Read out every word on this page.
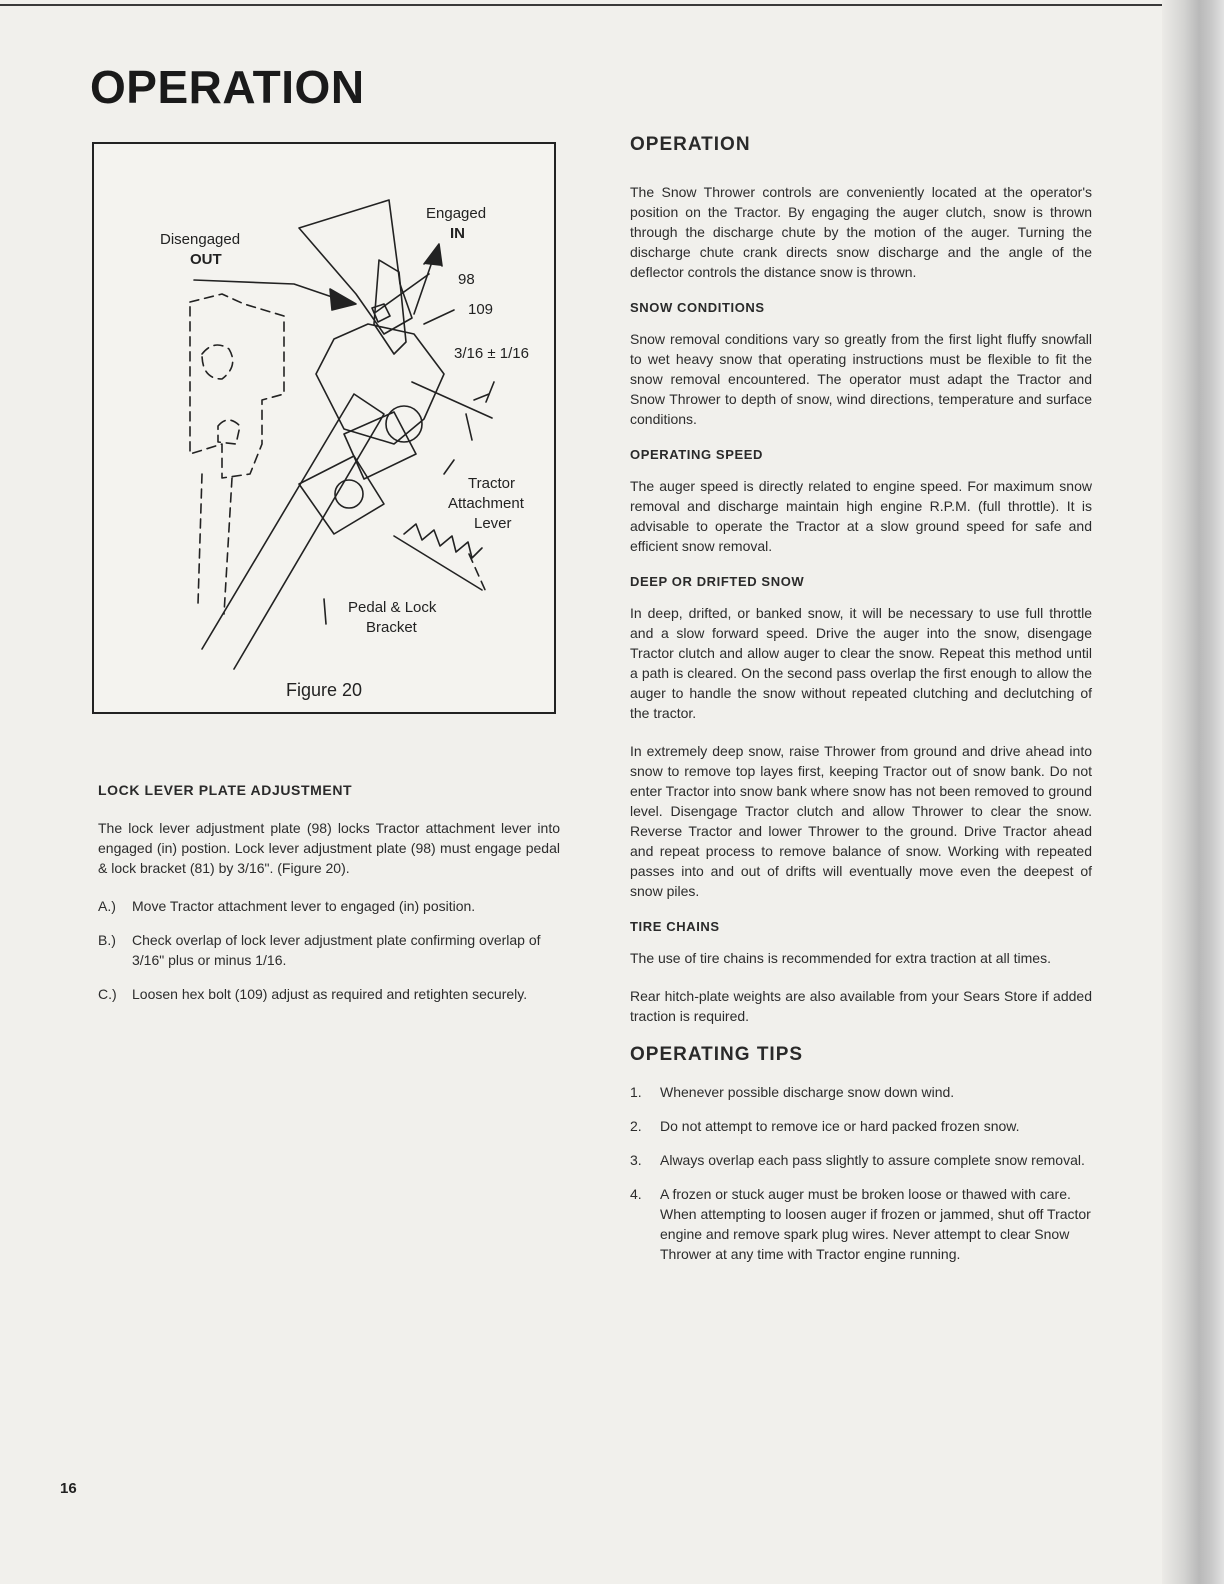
OPERATION
Engaged
IN
Disengaged
OUT
98
109
3/16 ± 1/16
Tractor
Attachment
Lever
Pedal & Lock
Bracket
Figure 20
LOCK LEVER PLATE ADJUSTMENT

The lock lever adjustment plate (98) locks Tractor attachment lever into engaged (in) postion. Lock lever adjustment plate (98) must engage pedal & lock bracket (81) by 3/16". (Figure 20).

A.)	Move Tractor attachment lever to engaged (in) position.
B.)	Check overlap of lock lever adjustment plate confirming overlap of 3/16" plus or minus 1/16.
C.)	Loosen hex bolt (109) adjust as required and retighten securely.
OPERATION

The Snow Thrower controls are conveniently located at the operator's position on the Tractor. By engaging the auger clutch, snow is thrown through the discharge chute by the motion of the auger. Turning the discharge chute crank directs snow discharge and the angle of the deflector controls the distance snow is thrown.

SNOW CONDITIONS

Snow removal conditions vary so greatly from the first light fluffy snowfall to wet heavy snow that operating instructions must be flexible to fit the snow removal encountered. The operator must adapt the Tractor and Snow Thrower to depth of snow, wind directions, temperature and surface conditions.

OPERATING SPEED

The auger speed is directly related to engine speed. For maximum snow removal and discharge maintain high engine R.P.M. (full throttle). It is advisable to operate the Tractor at a slow ground speed for safe and efficient snow removal.

DEEP OR DRIFTED SNOW

In deep, drifted, or banked snow, it will be necessary to use full throttle and a slow forward speed. Drive the auger into the snow, disengage Tractor clutch and allow auger to clear the snow. Repeat this method until a path is cleared. On the second pass overlap the first enough to allow the auger to handle the snow without repeated clutching and declutching of the tractor.

In extremely deep snow, raise Thrower from ground and drive ahead into snow to remove top layes first, keeping Tractor out of snow bank. Do not enter Tractor into snow bank where snow has not been removed to ground level. Disengage Tractor clutch and allow Thrower to clear the snow. Reverse Tractor and lower Thrower to the ground. Drive Tractor ahead and repeat process to remove balance of snow. Working with repeated passes into and out of drifts will eventually move even the deepest of snow piles.

TIRE CHAINS

The use of tire chains is recommended for extra traction at all times.

Rear hitch-plate weights are also available from your Sears Store if added traction is required.

OPERATING TIPS
1.	Whenever possible discharge snow down wind.
2.	Do not attempt to remove ice or hard packed frozen snow.
3.	Always overlap each pass slightly to assure complete snow removal.
4.	A frozen or stuck auger must be broken loose or thawed with care. When attempting to loosen auger if frozen or jammed, shut off Tractor engine and remove spark plug wires. Never attempt to clear Snow Thrower at any time with Tractor engine running.
16
